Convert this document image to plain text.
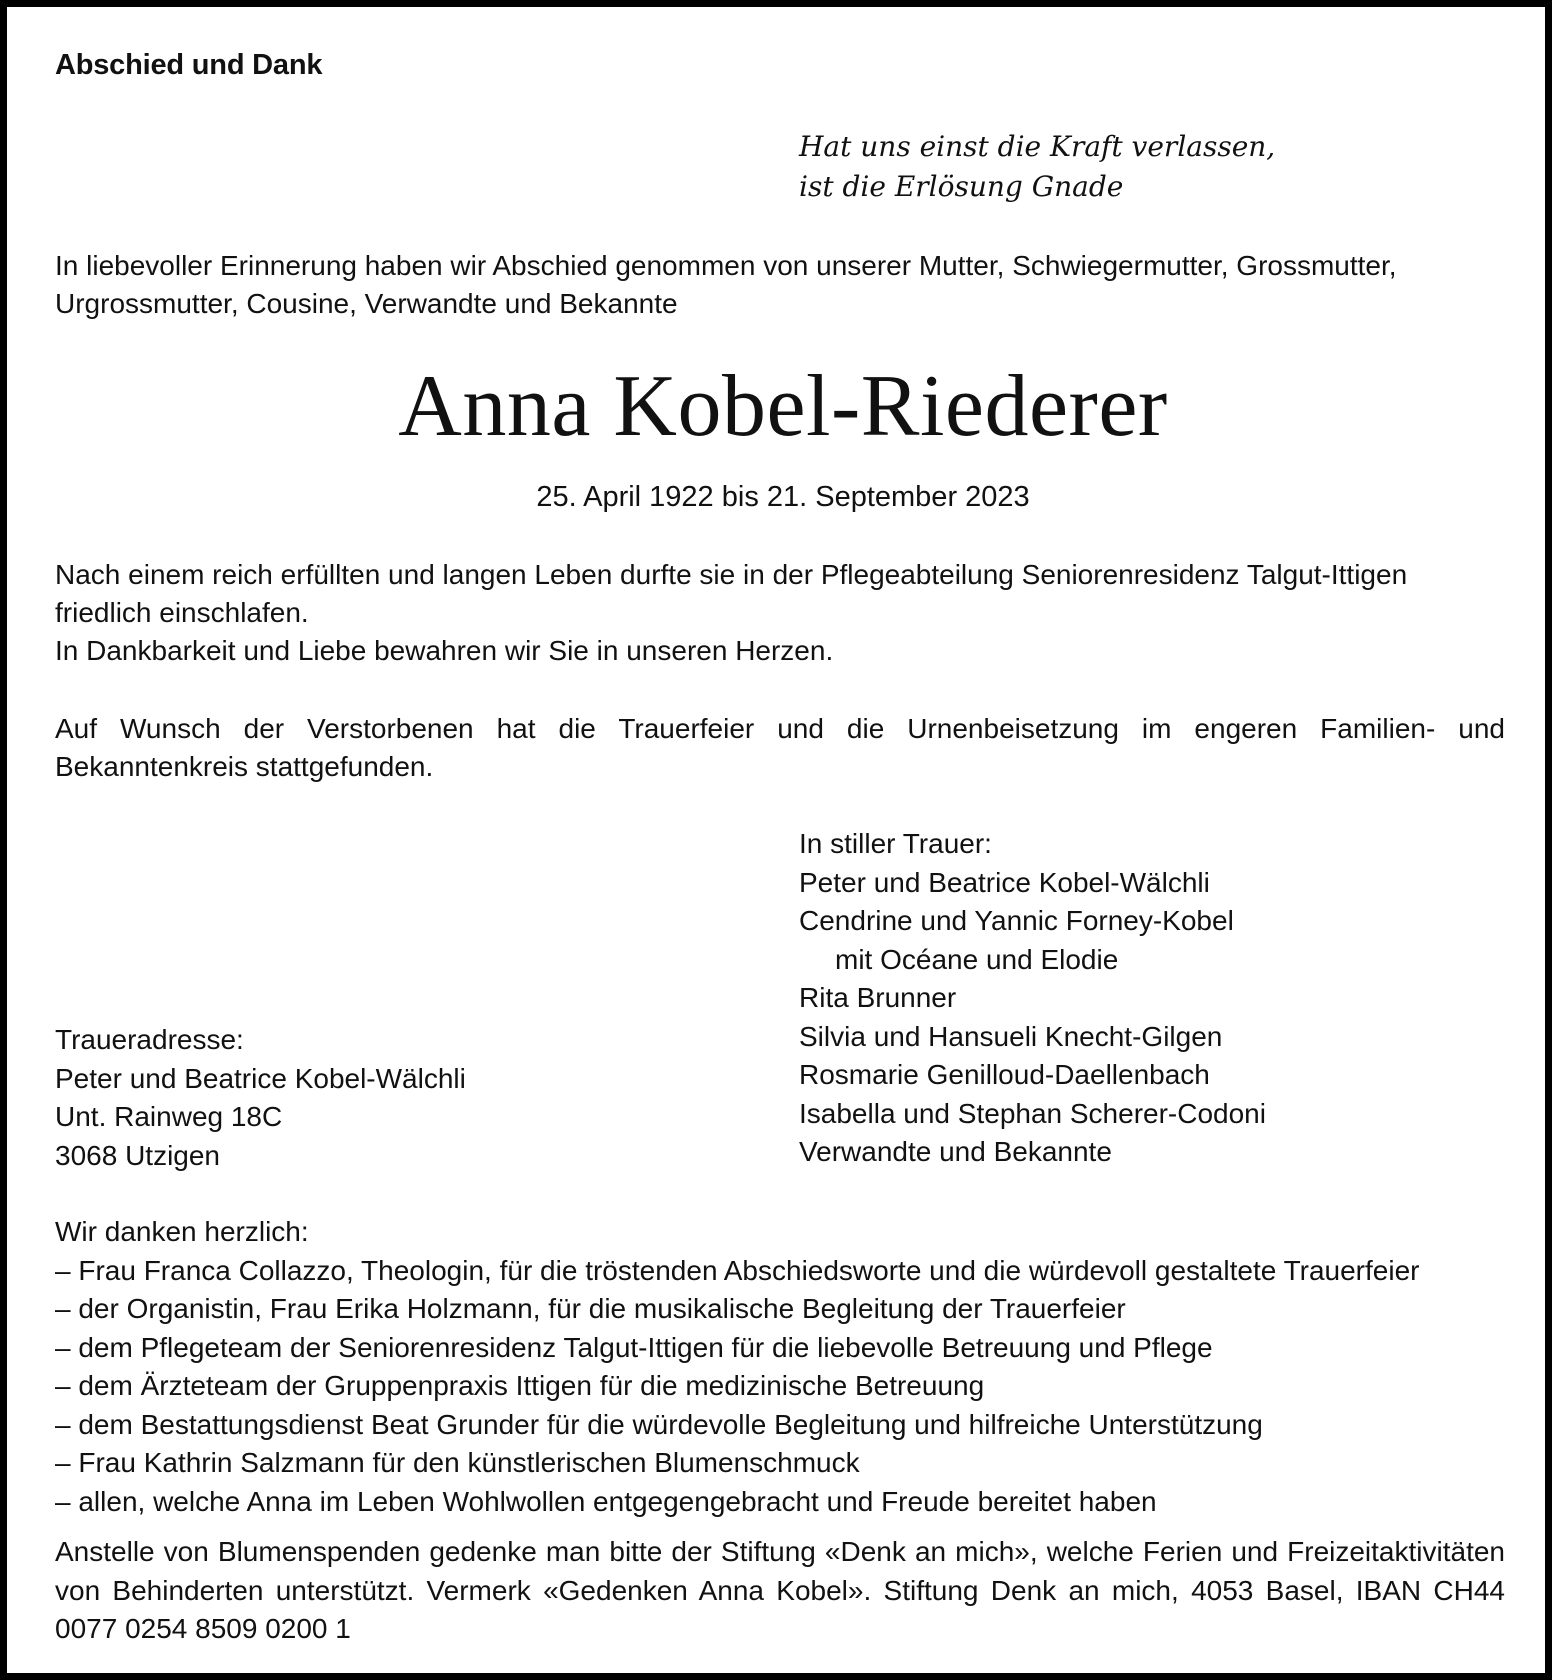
Abschied und Dank
Hat uns einst die Kraft verlassen,
ist die Erlösung Gnade
In liebevoller Erinnerung haben wir Abschied genommen von unserer Mutter, Schwiegermutter, Grossmutter,
Urgrossmutter, Cousine, Verwandte und Bekannte
Anna Kobel-Riederer
25. April 1922 bis 21. September 2023
Nach einem reich erfüllten und langen Leben durfte sie in der Pflegeabteilung Seniorenresidenz Talgut-Ittigen
friedlich einschlafen.
In Dankbarkeit und Liebe bewahren wir Sie in unseren Herzen.
Auf Wunsch der Verstorbenen hat die Trauerfeier und die Urnenbeisetzung im engeren Familien- und Bekanntenkreis stattgefunden.
In stiller Trauer:
Peter und Beatrice Kobel-Wälchli
Cendrine und Yannic Forney-Kobel
mit Océane und Elodie
Rita Brunner
Silvia und Hansueli Knecht-Gilgen
Rosmarie Genilloud-Daellenbach
Isabella und Stephan Scherer-Codoni
Verwandte und Bekannte
Traueradresse:
Peter und Beatrice Kobel-Wälchli
Unt. Rainweg 18C
3068 Utzigen
Wir danken herzlich:
– Frau Franca Collazzo, Theologin, für die tröstenden Abschiedsworte und die würdevoll gestaltete Trauerfeier
– der Organistin, Frau Erika Holzmann, für die musikalische Begleitung der Trauerfeier
– dem Pflegeteam der Seniorenresidenz Talgut-Ittigen für die liebevolle Betreuung und Pflege
– dem Ärzteteam der Gruppenpraxis Ittigen für die medizinische Betreuung
– dem Bestattungsdienst Beat Grunder für die würdevolle Begleitung und hilfreiche Unterstützung
– Frau Kathrin Salzmann für den künstlerischen Blumenschmuck
– allen, welche Anna im Leben Wohlwollen entgegengebracht und Freude bereitet haben
Anstelle von Blumenspenden gedenke man bitte der Stiftung «Denk an mich», welche Ferien und Freizeitaktivitäten von Behinderten unterstützt. Vermerk «Gedenken Anna Kobel». Stiftung Denk an mich, 4053 Basel, IBAN CH44 0077 0254 8509 0200 1
